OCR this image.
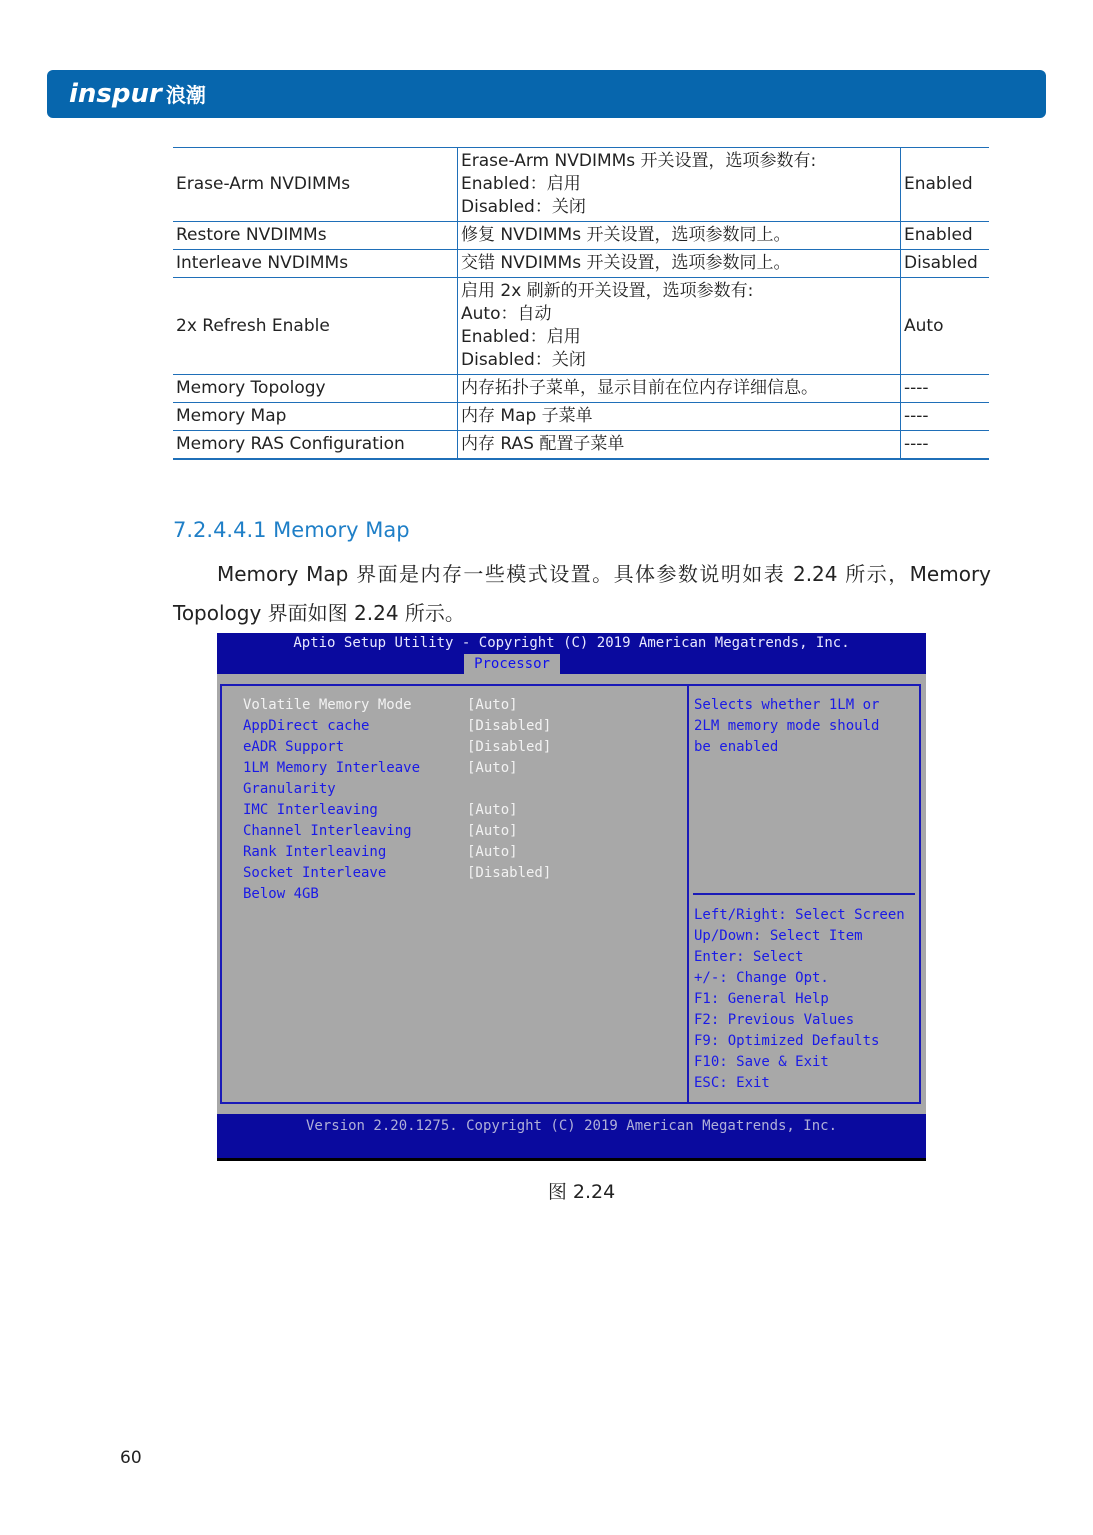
inspur 浪潮
Erase-Arm NVDIMMs	Erase-Arm NVDIMMs 开关设置，选项参数有:
Enabled：启用
Disabled：关闭	Enabled
Restore NVDIMMs	修复 NVDIMMs 开关设置，选项参数同上。	Enabled
Interleave NVDIMMs	交错 NVDIMMs 开关设置，选项参数同上。	Disabled
2x Refresh Enable	启用 2x 刷新的开关设置，选项参数有:
Auto：自动
Enabled：启用
Disabled：关闭	Auto
Memory Topology	内存拓扑子菜单，显示目前在位内存详细信息。	----
Memory Map	内存 Map 子菜单	----
Memory RAS Configuration	内存 RAS 配置子菜单	----
7.2.4.4.1 Memory Map
Memory Map 界面是内存一些模式设置。具体参数说明如表 2.24 所示，Memory Topology 界面如图 2.24 所示。
Aptio Setup Utility - Copyright (C) 2019 American Megatrends, Inc.
Processor
Volatile Memory Mode	[Auto]
AppDirect cache	[Disabled]
eADR Support	[Disabled]
1LM Memory Interleave	[Auto]
Granularity
IMC Interleaving	[Auto]
Channel Interleaving	[Auto]
Rank Interleaving	[Auto]
Socket Interleave	[Disabled]
Below 4GB
Selects whether 1LM or
2LM memory mode should
be enabled
Left/Right: Select Screen
Up/Down: Select Item
Enter: Select
+/-: Change Opt.
F1: General Help
F2: Previous Values
F9: Optimized Defaults
F10: Save & Exit
ESC: Exit
Version 2.20.1275. Copyright (C) 2019 American Megatrends, Inc.
图 2.24
60
